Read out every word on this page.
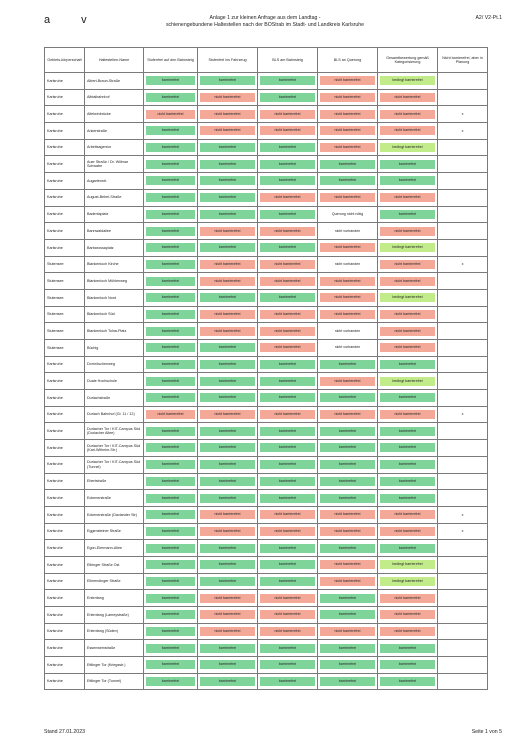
a v	Anlage 1 zur kleinen Anfrage aus dem Landtag -
schienengebundene Haltestellen nach der BOStrab im Stadt- und Landkreis Karlsruhe
A2/ V2-Pt.1
Gebiets-körperschaft	Haltestellen-Name	Stufenfrei auf den Bahnsteig	Stufenfrei ins Fahrzeug	BLS am Bahnsteig	BLS an Querung	Gesamtbewertung gemäß Kategorisierung	Nicht barrierefrei, aber in Planung
Karlsruhe	Albert-Braun-Straße	barrierefrei	barrierefrei	barrierefrei	nicht barrierefrei	bedingt barrierefrei	

Karlsruhe	Albtalbahnhof	barrierefrei	nicht barrierefrei	barrierefrei	nicht barrierefrei	nicht barrierefrei	

Karlsruhe	Alfelwinbrücke	nicht barrierefrei	nicht barrierefrei	nicht barrierefrei	nicht barrierefrei	nicht barrierefrei	x
Karlsruhe	Ankerstraße	barrierefrei	nicht barrierefrei	nicht barrierefrei	nicht barrierefrei	nicht barrierefrei	x
Karlsruhe	Arbeitsagentur	barrierefrei	barrierefrei	barrierefrei	nicht barrierefrei	bedingt barrierefrei	

Karlsruhe	Auer Straße / Dr. Willmar Schwabe	barrierefrei	barrierefrei	barrierefrei	barrierefrei	barrierefrei	

Karlsruhe	Augartenstr.	barrierefrei	barrierefrei	barrierefrei	barrierefrei	barrierefrei	

Karlsruhe	August-Bebel-Straße	barrierefrei	barrierefrei	nicht barrierefrei	nicht barrierefrei	nicht barrierefrei	

Karlsruhe	Badenlaplatz	barrierefrei	barrierefrei	barrierefrei	Querung nicht nötig	barrierefrei	

Karlsruhe	Bannwaldallee	barrierefrei	nicht barrierefrei	nicht barrierefrei	nicht vorhanden	nicht barrierefrei	

Karlsruhe	Barbarossaplatz	barrierefrei	barrierefrei	barrierefrei	nicht barrierefrei	bedingt barrierefrei	

Stutensee	Blankenloch Kirche	barrierefrei	nicht barrierefrei	nicht barrierefrei	nicht vorhanden	nicht barrierefrei	x
Stutensee	Blankenloch Mühlenweg	barrierefrei	nicht barrierefrei	nicht barrierefrei	nicht barrierefrei	nicht barrierefrei	

Stutensee	Blankenloch Nord	barrierefrei	barrierefrei	barrierefrei	nicht barrierefrei	bedingt barrierefrei	

Stutensee	Blankenloch Süd	barrierefrei	nicht barrierefrei	nicht barrierefrei	nicht barrierefrei	nicht barrierefrei	

Stutensee	Blankenloch Tolna-Platz	barrierefrei	nicht barrierefrei	nicht barrierefrei	nicht vorhanden	nicht barrierefrei	

Stutensee	Büchig	barrierefrei	barrierefrei	nicht barrierefrei	nicht vorhanden	nicht barrierefrei	

Karlsruhe	Dornröschenweg	barrierefrei	barrierefrei	barrierefrei	barrierefrei	barrierefrei	

Karlsruhe	Duale Hochschule	barrierefrei	barrierefrei	barrierefrei	nicht barrierefrei	bedingt barrierefrei	

Karlsruhe	Durlachstraße	barrierefrei	barrierefrei	barrierefrei	barrierefrei	barrierefrei	

Karlsruhe	Durlach Bahnhof (Gl. 11 / 12)	nicht barrierefrei	nicht barrierefrei	nicht barrierefrei	nicht barrierefrei	nicht barrierefrei	x
Karlsruhe	Durlacher Tor / KIT-Campus Süd (Durlacher Allee)	barrierefrei	barrierefrei	barrierefrei	barrierefrei	barrierefrei	

Karlsruhe	Durlacher Tor / KIT-Campus Süd (Karl-Wilhelm-Str.)	barrierefrei	barrierefrei	barrierefrei	barrierefrei	barrierefrei	

Karlsruhe	Durlacher Tor / KIT-Campus Süd (Tunnel)	barrierefrei	barrierefrei	barrierefrei	barrierefrei	barrierefrei	

Karlsruhe	Ebertstraße	barrierefrei	barrierefrei	barrierefrei	barrierefrei	barrierefrei	

Karlsruhe	Eckenerstraße	barrierefrei	barrierefrei	barrierefrei	barrierefrei	barrierefrei	

Karlsruhe	Eckenerstraße (Daxlander Str)	barrierefrei	nicht barrierefrei	nicht barrierefrei	nicht barrierefrei	nicht barrierefrei	x
Karlsruhe	Eggensteiner Straße	barrierefrei	nicht barrierefrei	nicht barrierefrei	nicht barrierefrei	nicht barrierefrei	x
Karlsruhe	Egon-Eiermann-Allee	barrierefrei	barrierefrei	barrierefrei	barrierefrei	barrierefrei	

Karlsruhe	Elbinger Straße Ost	barrierefrei	barrierefrei	barrierefrei	nicht barrierefrei	bedingt barrierefrei	

Karlsruhe	Ellmendinger Straße	barrierefrei	barrierefrei	barrierefrei	nicht barrierefrei	bedingt barrierefrei	

Karlsruhe	Entenfang	barrierefrei	nicht barrierefrei	nicht barrierefrei	barrierefrei	nicht barrierefrei	

Karlsruhe	Entenfang (Lameystraße)	barrierefrei	nicht barrierefrei	nicht barrierefrei	barrierefrei	nicht barrierefrei	

Karlsruhe	Entenfang (Süden)	barrierefrei	nicht barrierefrei	nicht barrierefrei	nicht barrierefrei	nicht barrierefrei	

Karlsruhe	Essenweinstraße	barrierefrei	barrierefrei	barrierefrei	barrierefrei	barrierefrei	

Karlsruhe	Ettlinger Tor (Kriegsstr.)	barrierefrei	barrierefrei	barrierefrei	barrierefrei	barrierefrei	

Karlsruhe	Ettlinger Tor (Tunnel)	barrierefrei	barrierefrei	barrierefrei	barrierefrei	barrierefrei	

Stand 27.01.2023	Seite 1 von 5
